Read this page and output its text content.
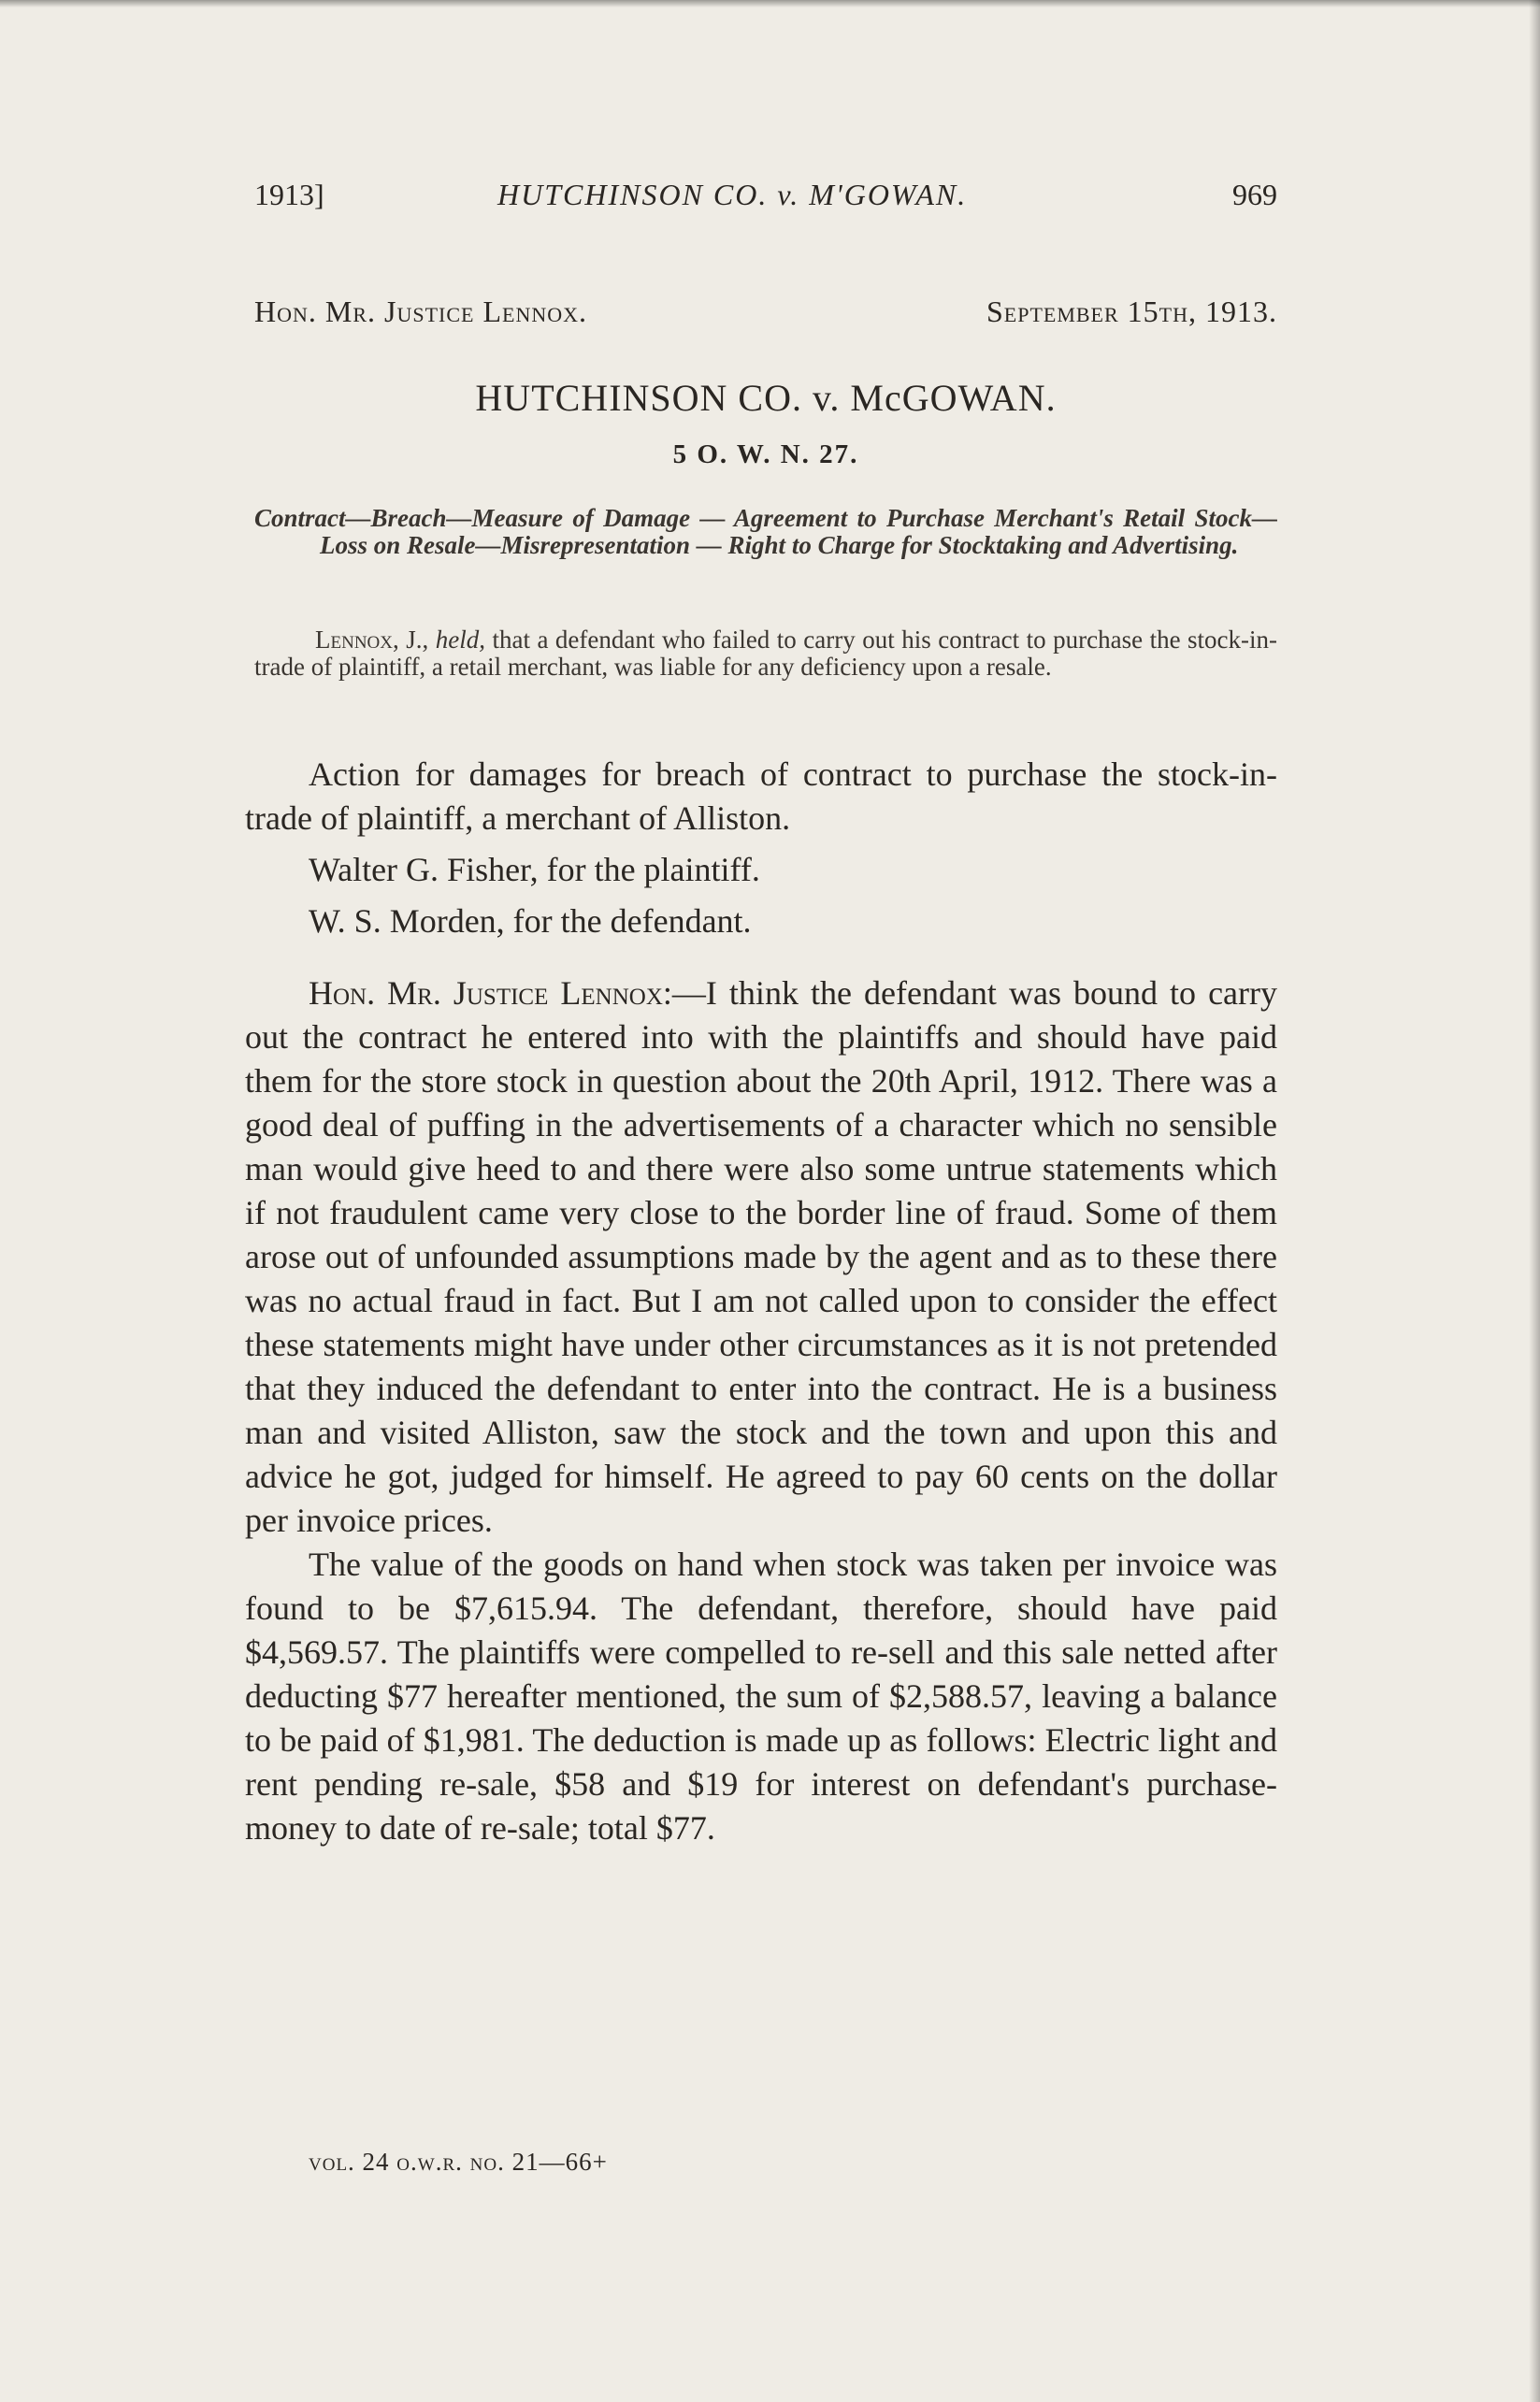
1913]	HUTCHINSON CO. v. M'GOWAN.	969
Hon. Mr. Justice Lennox.	September 15th, 1913.
HUTCHINSON CO. v. McGOWAN.
5 O. W. N. 27.

Contract—Breach—Measure of Damage — Agreement to Purchase Merchant's Retail Stock—Loss on Resale—Misrepresentation — Right to Charge for Stocktaking and Advertising.

Lennox, J., held, that a defendant who failed to carry out his contract to purchase the stock-in-trade of plaintiff, a retail merchant, was liable for any deficiency upon a resale.

Action for damages for breach of contract to purchase the stock-in-trade of plaintiff, a merchant of Alliston.

Walter G. Fisher, for the plaintiff.

W. S. Morden, for the defendant.

Hon. Mr. Justice Lennox:—I think the defendant was bound to carry out the contract he entered into with the plaintiffs and should have paid them for the store stock in question about the 20th April, 1912. There was a good deal of puffing in the advertisements of a character which no sensible man would give heed to and there were also some untrue statements which if not fraudulent came very close to the border line of fraud. Some of them arose out of unfounded assumptions made by the agent and as to these there was no actual fraud in fact. But I am not called upon to consider the effect these statements might have under other circumstances as it is not pretended that they induced the defendant to enter into the contract. He is a business man and visited Alliston, saw the stock and the town and upon this and advice he got, judged for himself. He agreed to pay 60 cents on the dollar per invoice prices.

The value of the goods on hand when stock was taken per invoice was found to be $7,615.94. The defendant, therefore, should have paid $4,569.57. The plaintiffs were compelled to re-sell and this sale netted after deducting $77 hereafter mentioned, the sum of $2,588.57, leaving a balance to be paid of $1,981. The deduction is made up as follows: Electric light and rent pending re-sale, $58 and $19 for interest on defendant's purchase-money to date of re-sale; total $77.

vol. 24 o.w.r. no. 21—66+
